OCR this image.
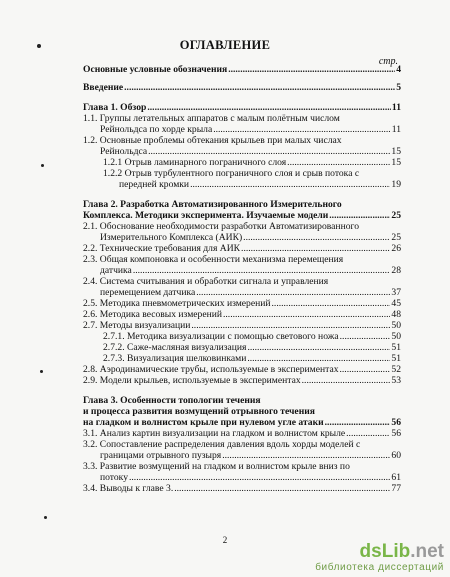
ОГЛАВЛЕНИЕ
стр.
Основные условные обозначения .....	4
Введение .....	5
Глава 1. Обзор .....	11
1.1. Группы летательных аппаратов с малым полётным числом
Рейнольдса по хорде крыла .....	11
1.2. Основные проблемы обтекания крыльев при малых числах
Рейнольдса .....	15
1.2.1 Отрыв ламинарного пограничного слоя .....	15
1.2.2 Отрыв турбулентного пограничного слоя и срыв потока с
передней кромки .....	19
Глава 2. Разработка Автоматизированного Измерительного
Комплекса. Методики эксперимента. Изучаемые модели .....	25
2.1. Обоснование необходимости разработки Автоматизированного
Измерительного Комплекса (АИК) .....	25
2.2. Технические требования для АИК .....	26
2.3. Общая компоновка и особенности механизма перемещения
датчика .....	28
2.4. Система считывания и обработки сигнала и управления
перемещением датчика .....	37
2.5. Методика пневмометрических измерений .....	45
2.6. Методика весовых измерений .....	48
2.7. Методы визуализации .....	50
2.7.1. Методика визуализации с помощью светового ножа .....	50
2.7.2. Саже-масляная визуализация .....	51
2.7.3. Визуализация шелковинками .....	51
2.8. Аэродинамические трубы, используемые в экспериментах .....	52
2.9. Модели крыльев, используемые в экспериментах .....	53
Глава 3. Особенности топологии течения
и процесса развития возмущений отрывного течения
на гладком и волнистом крыле при нулевом угле атаки .....	56
3.1. Анализ картин визуализации на гладком и волнистом крыле .....	56
3.2. Сопоставление распределения давления вдоль хорды моделей с
границами отрывного пузыря .....	60
3.3. Развитие возмущений на гладком и волнистом крыле вниз по
потоку .....	61
3.4. Выводы к главе 3. .....	77
2
dsLib.net
библиотека диссертаций
